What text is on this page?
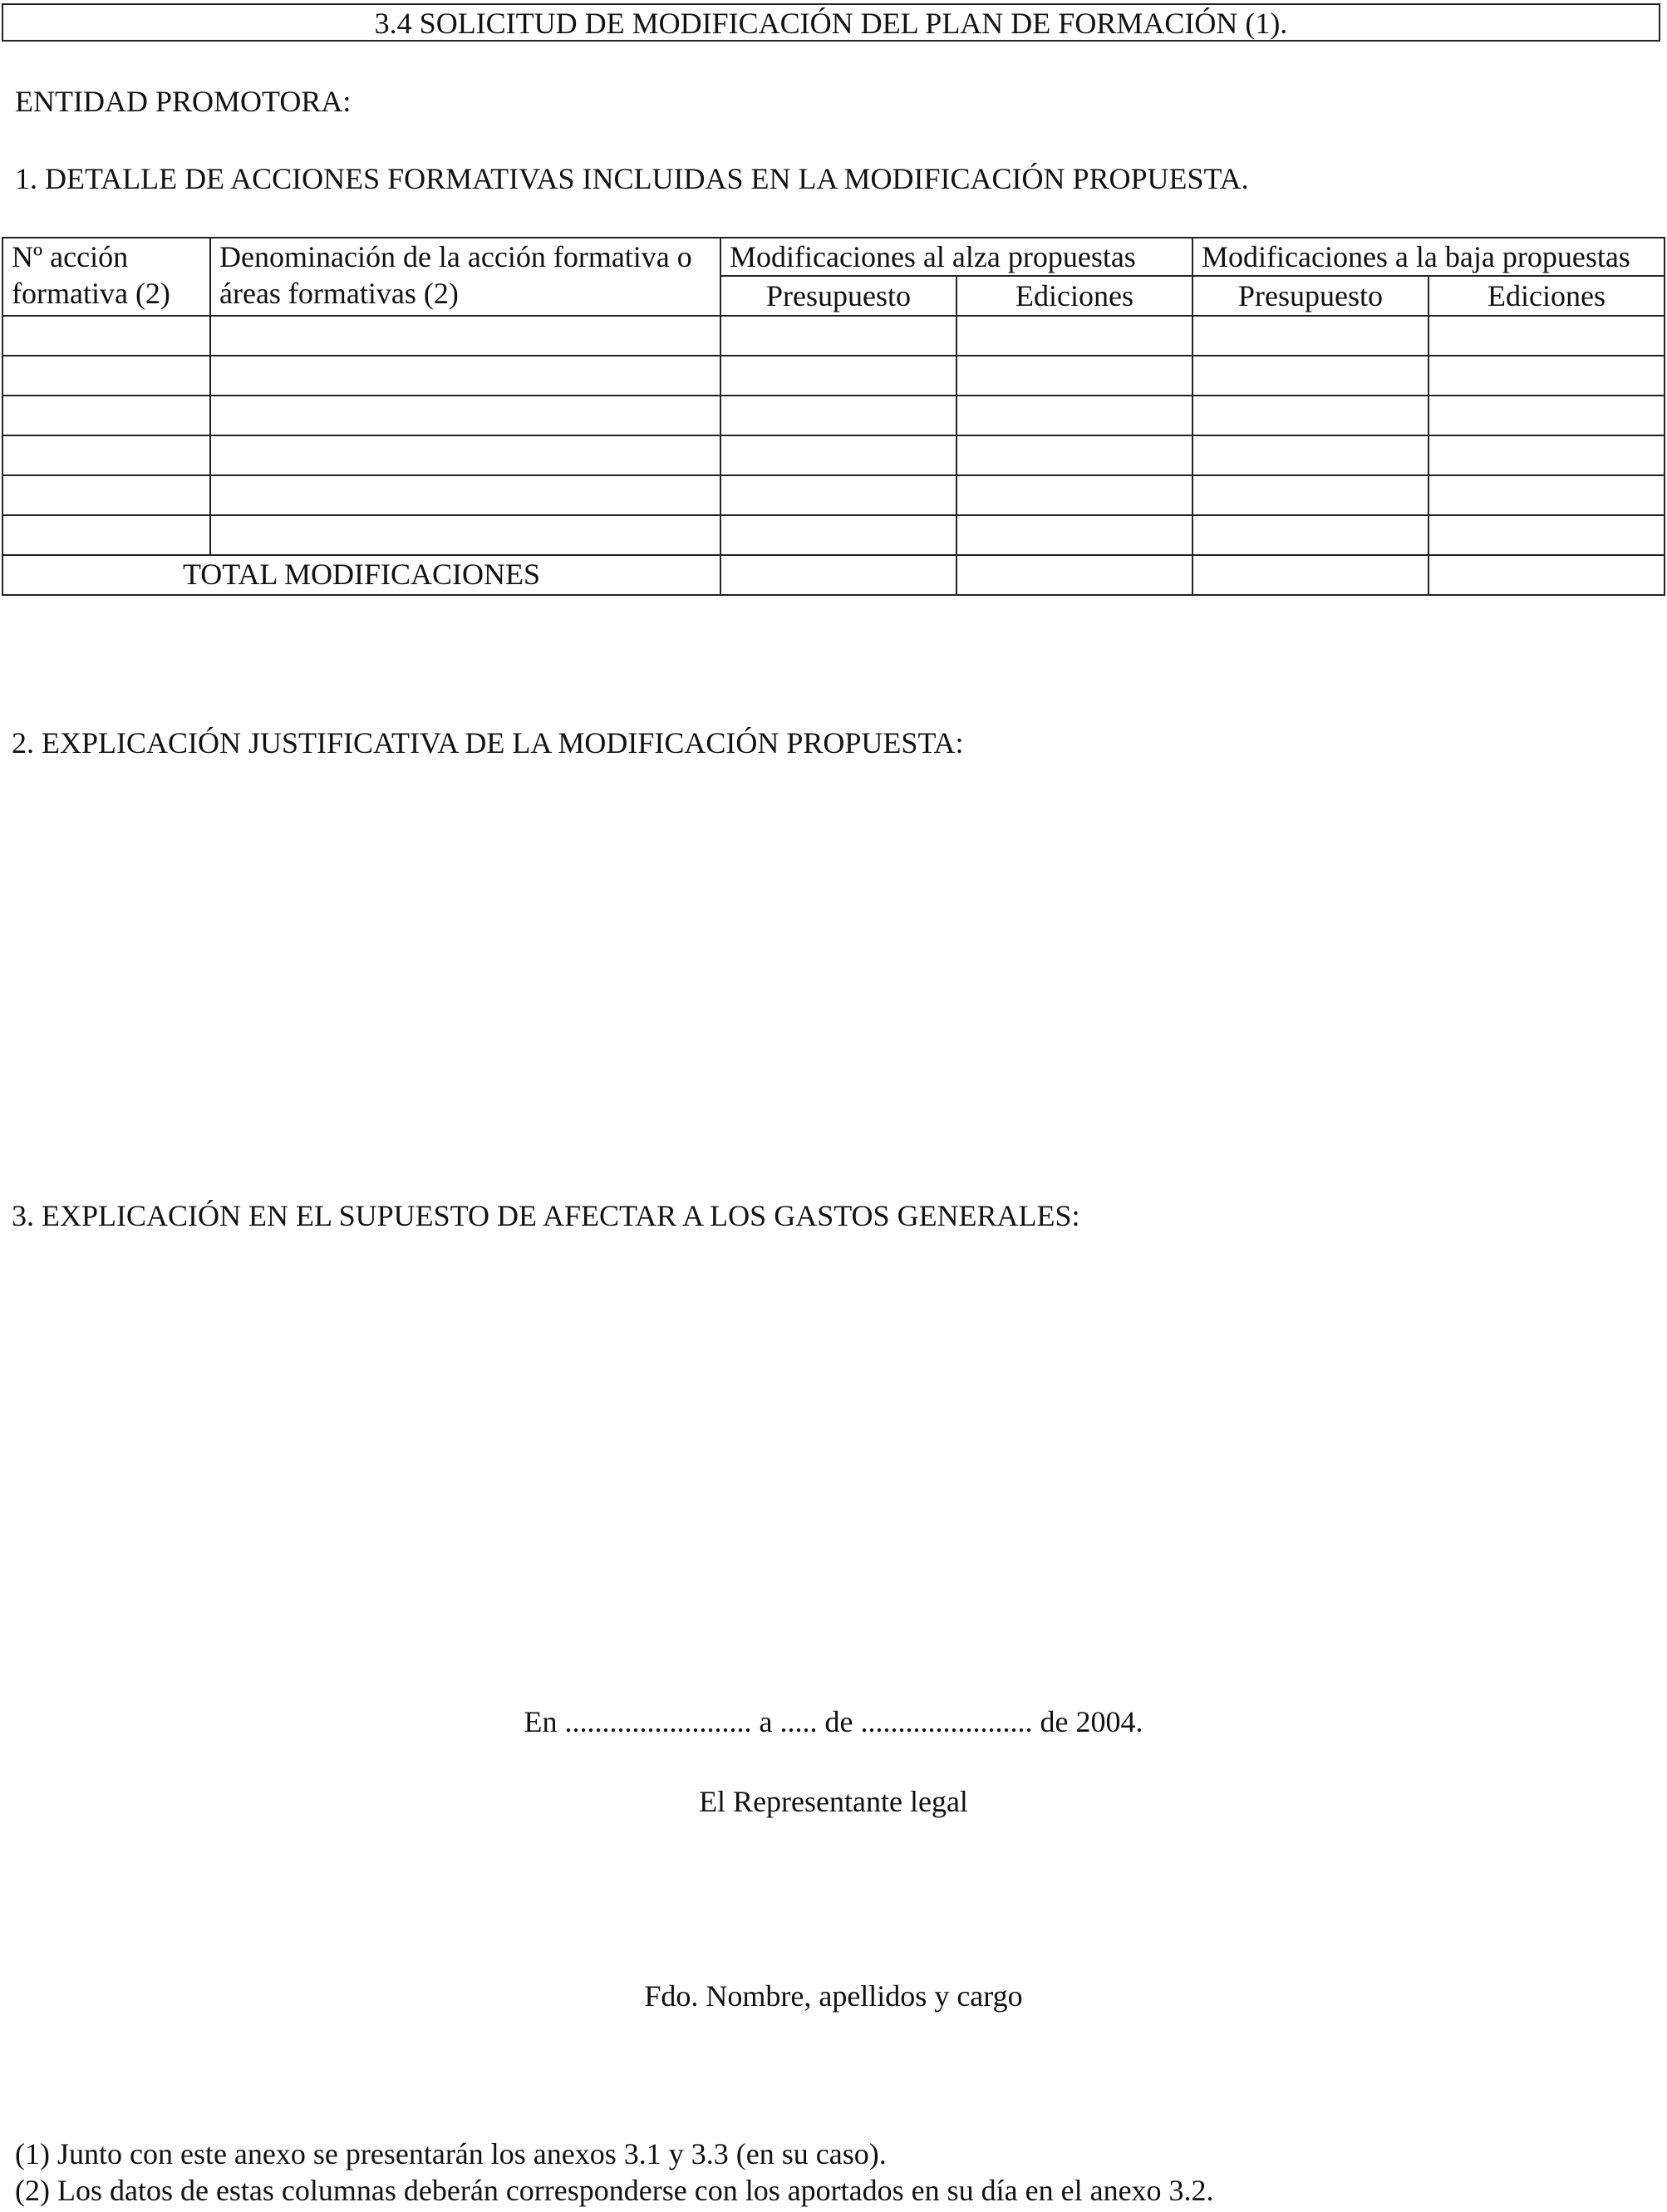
3.4 SOLICITUD DE MODIFICACIÓN DEL PLAN DE FORMACIÓN (1).
ENTIDAD PROMOTORA:
1. DETALLE DE ACCIONES FORMATIVAS INCLUIDAS EN LA MODIFICACIÓN PROPUESTA.
Nº acción formativa (2)	Denominación de la acción formativa o áreas formativas (2)	Modificaciones al alza propuestas		Modificaciones a la baja propuestas	
		Presupuesto	Ediciones	Presupuesto	Ediciones

TOTAL MODIFICACIONES					
2. EXPLICACIÓN JUSTIFICATIVA DE LA MODIFICACIÓN PROPUESTA:
3. EXPLICACIÓN EN EL SUPUESTO DE AFECTAR A LOS GASTOS GENERALES:
En ......................... a ..... de ....................... de 2004.
El Representante legal
Fdo. Nombre, apellidos y cargo
(1) Junto con este anexo se presentarán los anexos 3.1 y 3.3 (en su caso).
(2) Los datos de estas columnas deberán corresponderse con los aportados en su día en el anexo 3.2.
